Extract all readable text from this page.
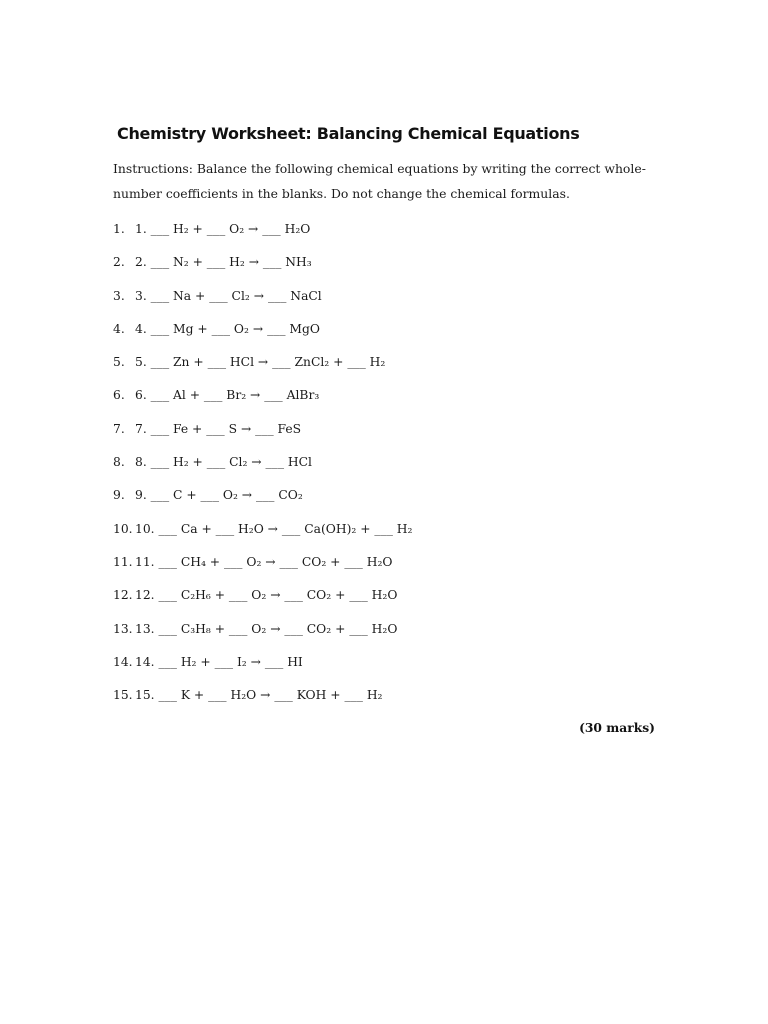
Chemistry Worksheet: Balancing Chemical Equations
Instructions: Balance the following chemical equations by writing the correct whole-number coefficients in the blanks. Do not change the chemical formulas.
1. 1. ___ H₂ + ___ O₂ → ___ H₂O
2. 2. ___ N₂ + ___ H₂ → ___ NH₃
3. 3. ___ Na + ___ Cl₂ → ___ NaCl
4. 4. ___ Mg + ___ O₂ → ___ MgO
5. 5. ___ Zn + ___ HCl → ___ ZnCl₂ + ___ H₂
6. 6. ___ Al + ___ Br₂ → ___ AlBr₃
7. 7. ___ Fe + ___ S → ___ FeS
8. 8. ___ H₂ + ___ Cl₂ → ___ HCl
9. 9. ___ C + ___ O₂ → ___ CO₂
10. 10. ___ Ca + ___ H₂O → ___ Ca(OH)₂ + ___ H₂
11. 11. ___ CH₄ + ___ O₂ → ___ CO₂ + ___ H₂O
12. 12. ___ C₂H₆ + ___ O₂ → ___ CO₂ + ___ H₂O
13. 13. ___ C₃H₈ + ___ O₂ → ___ CO₂ + ___ H₂O
14. 14. ___ H₂ + ___ I₂ → ___ HI
15. 15. ___ K + ___ H₂O → ___ KOH + ___ H₂
(30 marks)
